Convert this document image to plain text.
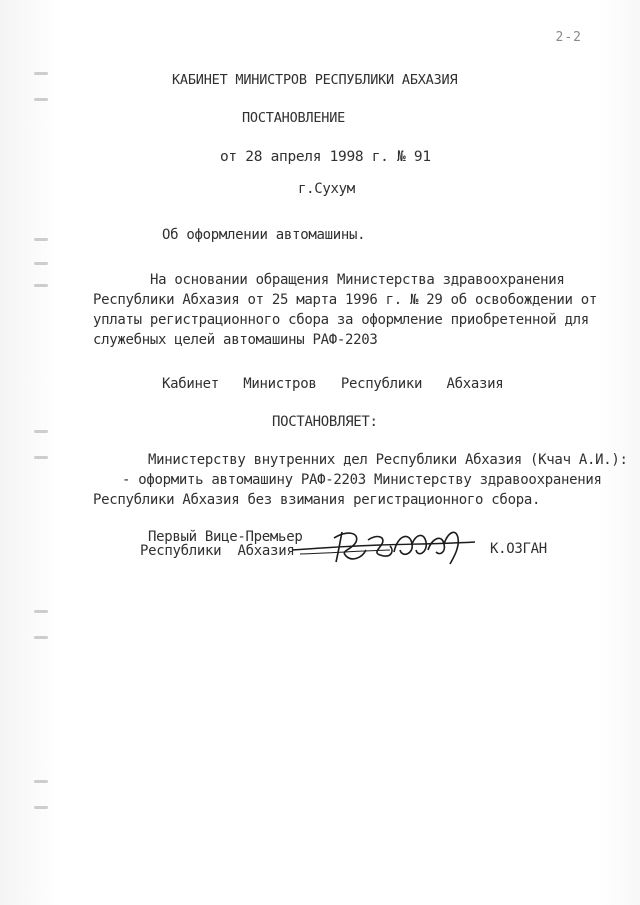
2-2
КАБИНЕТ МИНИСТРОВ РЕСПУБЛИКИ АБХАЗИЯ
ПОСТАНОВЛЕНИЕ
от 28 апреля 1998 г. № 91
г.Сухум
Об оформлении автомашины.
На основании обращения Министерства здравоохранения
Республики Абхазия от 25 марта 1996 г. № 29 об освобождении от
уплаты регистрационного сбора за оформление приобретенной для
служебных целей автомашины РАФ-2203
Кабинет   Министров   Республики   Абхазия
ПОСТАНОВЛЯЕТ:
Министерству внутренних дел Республики Абхазия (Кчач А.И.):
- оформить автомашину РАФ-2203 Министерству здравоохранения
Республики Абхазия без взимания регистрационного сбора.
Первый Вице-Премьер
Республики  Абхазия	К.ОЗГАН
